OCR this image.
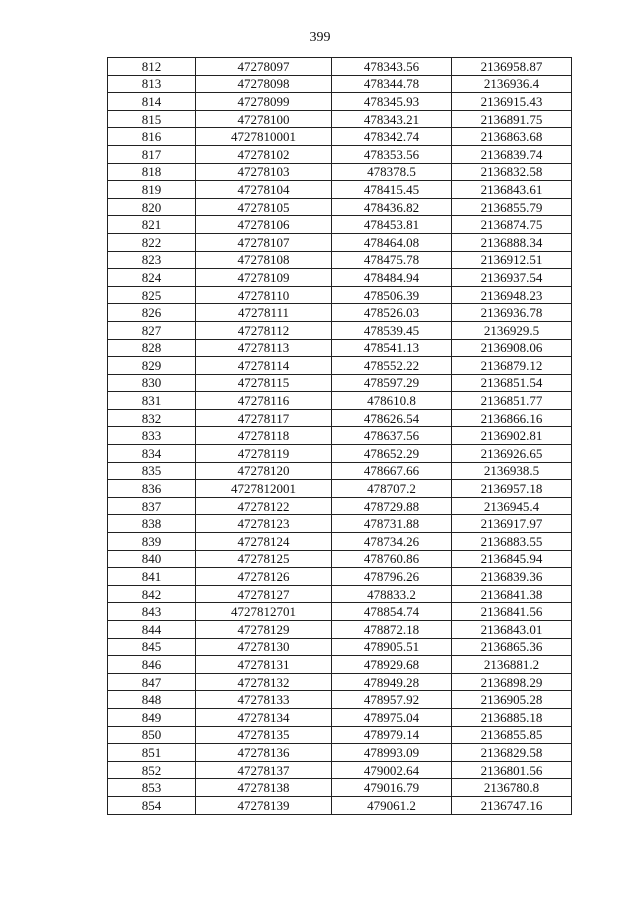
399
812	47278097	478343.56	2136958.87
813	47278098	478344.78	2136936.4
814	47278099	478345.93	2136915.43
815	47278100	478343.21	2136891.75
816	4727810001	478342.74	2136863.68
817	47278102	478353.56	2136839.74
818	47278103	478378.5	2136832.58
819	47278104	478415.45	2136843.61
820	47278105	478436.82	2136855.79
821	47278106	478453.81	2136874.75
822	47278107	478464.08	2136888.34
823	47278108	478475.78	2136912.51
824	47278109	478484.94	2136937.54
825	47278110	478506.39	2136948.23
826	47278111	478526.03	2136936.78
827	47278112	478539.45	2136929.5
828	47278113	478541.13	2136908.06
829	47278114	478552.22	2136879.12
830	47278115	478597.29	2136851.54
831	47278116	478610.8	2136851.77
832	47278117	478626.54	2136866.16
833	47278118	478637.56	2136902.81
834	47278119	478652.29	2136926.65
835	47278120	478667.66	2136938.5
836	4727812001	478707.2	2136957.18
837	47278122	478729.88	2136945.4
838	47278123	478731.88	2136917.97
839	47278124	478734.26	2136883.55
840	47278125	478760.86	2136845.94
841	47278126	478796.26	2136839.36
842	47278127	478833.2	2136841.38
843	4727812701	478854.74	2136841.56
844	47278129	478872.18	2136843.01
845	47278130	478905.51	2136865.36
846	47278131	478929.68	2136881.2
847	47278132	478949.28	2136898.29
848	47278133	478957.92	2136905.28
849	47278134	478975.04	2136885.18
850	47278135	478979.14	2136855.85
851	47278136	478993.09	2136829.58
852	47278137	479002.64	2136801.56
853	47278138	479016.79	2136780.8
854	47278139	479061.2	2136747.16
